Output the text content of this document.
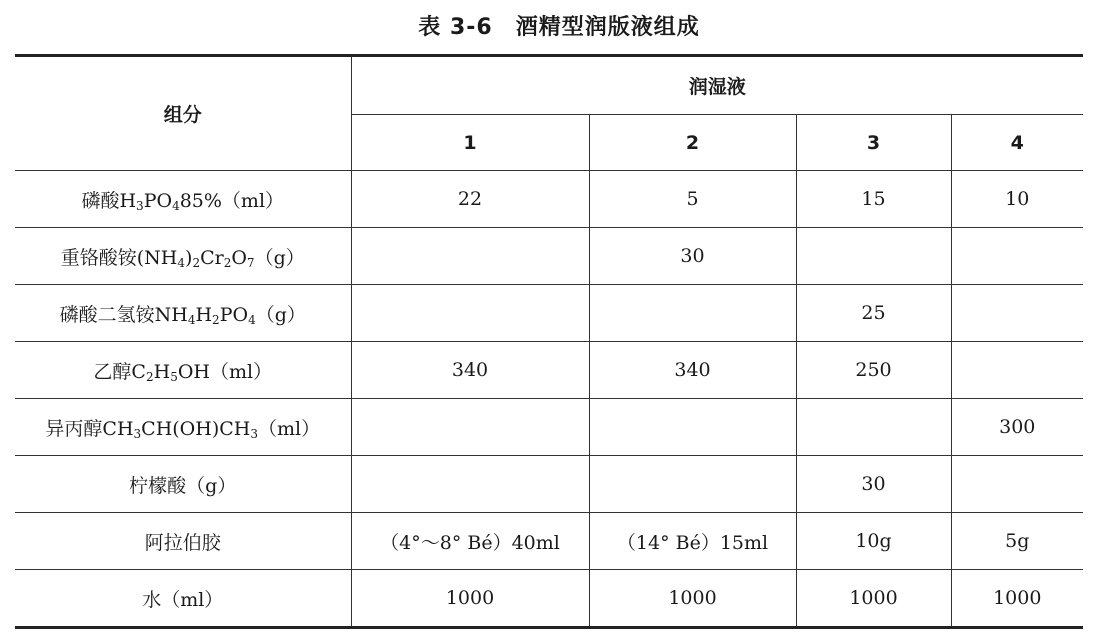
表 3-6　酒精型润版液组成
组分	润湿液			
	1	2	3	4
磷酸$H_3PO_485\%(ml)$	22	5	15	10
重铬酸铵$(NH_4)_2Cr_2O_7(g)$		30		
磷酸二氢铵$NH_4H_2PO_4(g)$			25	
乙醇$C_2H_5OH(ml)$	340	340	250	
异丙醇$CH_3CH(OH)CH_3(ml)$				300
柠檬酸（g）			30	
阿拉伯胶	（4°～8° Bé）40ml	（14° Bé）15ml	10g	5g
水（ml）	1000	1000	1000	1000
